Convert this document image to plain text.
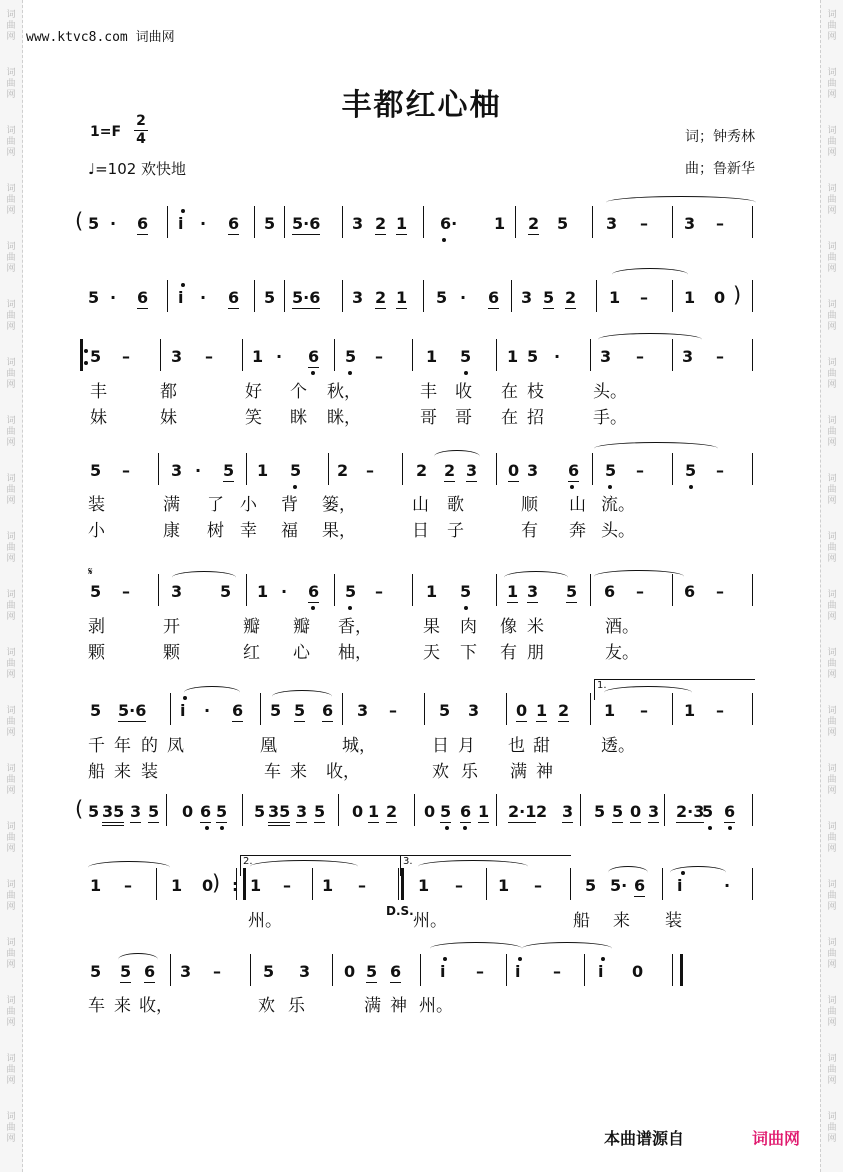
词
曲
网
词
曲
网
词
曲
网
词
曲
网
词
曲
网
词
曲
网
词
曲
网
词
曲
网
词
曲
网
词
曲
网
词
曲
网
词
曲
网
词
曲
网
词
曲
网
词
曲
网
词
曲
网
词
曲
网
词
曲
网
词
曲
网
词
曲
网
词
曲
网
词
曲
网
词
曲
网
词
曲
网
词
曲
网
词
曲
网
词
曲
网
词
曲
网
词
曲
网
词
曲
网
词
曲
网
词
曲
网
词
曲
网
词
曲
网
词
曲
网
词
曲
网
词
曲
网
词
曲
网
词
曲
网
词
曲
网
www.ktvc8.com 词曲网
丰都红心柚
1=F
2
4
♩=102 欢快地
词；钟秀林
曲；鲁新华
5 · 6 i · 6 5 5·6 3 2 1 6· 1 2 5 3 – 3 –
(
5 · 6 i · 6 5 5·6 3 2 1 5 · 6 3 5 2 1 – 1 0 )
5 –	3 – 1 · 6 5 –	1 5 1 5 · 3 – 3 –
5 –	3 · 5 1 5 2 –	2 2 3 0 3 6 5 –	5 –
5 –	3 5 1 · 6 5 –	1 5 1 3 5 6 –	6 –
5 5·6 i · 6 5 5 6 3 –	5 3 0 1 2 1 – 1 –
5 35 3 5 0 6 5 5 35 3 5 0 1 2 0 5 6 1 2·1 2 3 5 5 0 3 2·3
5 6
(
1 – 1 0 : 1 – 1 –	1 – 1 –	5 5· 6 i	·
)
5 5 6 3 –	5 3 0 5 6 i – i – i 0
1.
2.	3.
D.S.
𝄋
丰	都	好 个 秋，	丰 收 在 枝	头。
妹	妹	笑 眯 眯，	哥 哥 在 招	手。
装	满 了 小 背 篓，	山 歌	顺 山 流。
小	康 树 幸 福 果，	日 子	有 奔 头。
剥	开	瓣 瓣 香，	果 肉 像 米	酒。
颗	颗	红 心 柚，	天 下 有 朋	友。
千 年 的 凤	凰	城，	日 月 也 甜	透。
船 来 装	车 来 收，	欢 乐 满 神
州。	州。	船 来 装
车 来 收，	欢 乐	满 神 州。
本曲谱源自	词曲网
